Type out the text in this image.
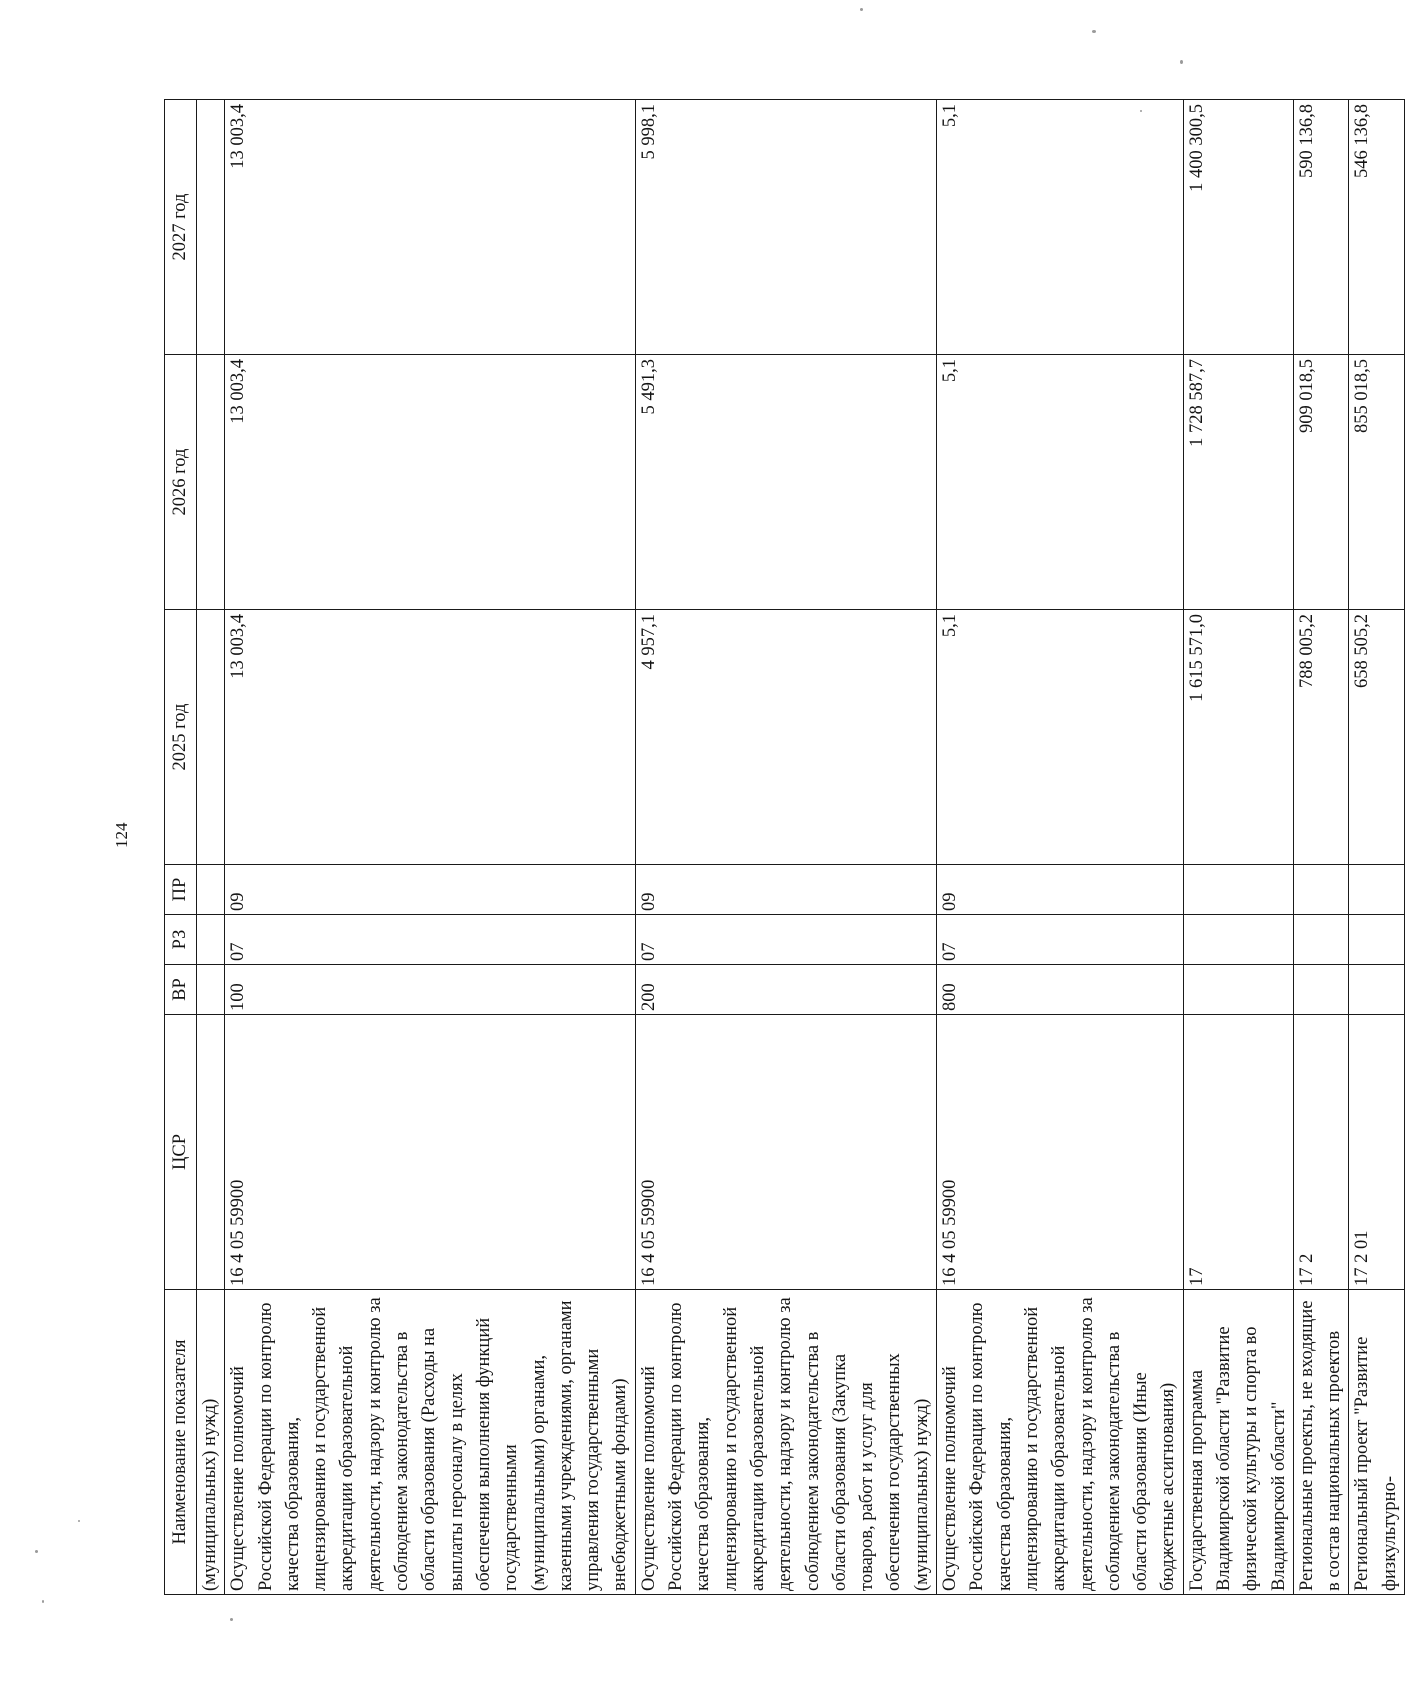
124
Наименование показателя	ЦСР	ВР	РЗ	ПР	2025 год	2026 год	2027 год
(муниципальных) нужд)							
Осуществление полномочий Российской Федерации по контролю качества образования, лицензированию и государственной аккредитации образовательной деятельности, надзору и контролю за соблюдением законодательства в области образования (Расходы на выплаты персоналу в целях обеспечения выполнения функций государственными (муниципальными) органами, казенными учреждениями, органами управления государственными внебюджетными фондами)	16 4 05 59900	100	07	09	13 003,4	13 003,4	13 003,4
Осуществление полномочий Российской Федерации по контролю качества образования, лицензированию и государственной аккредитации образовательной деятельности, надзору и контролю за соблюдением законодательства в области образования (Закупка товаров, работ и услуг для обеспечения государственных (муниципальных) нужд)	16 4 05 59900	200	07	09	4 957,1	5 491,3	5 998,1
Осуществление полномочий Российской Федерации по контролю качества образования, лицензированию и государственной аккредитации образовательной деятельности, надзору и контролю за соблюдением законодательства в области образования (Иные бюджетные ассигнования)	16 4 05 59900	800	07	09	5,1	5,1	5,1
Государственная программа Владимирской области "Развитие физической культуры и спорта во Владимирской области"	17				1 615 571,0	1 728 587,7	1 400 300,5
Региональные проекты, не входящие в состав национальных проектов	17 2				788 005,2	909 018,5	590 136,8
Региональный проект "Развитие физкультурно-	17 2 01				658 505,2	855 018,5	546 136,8
